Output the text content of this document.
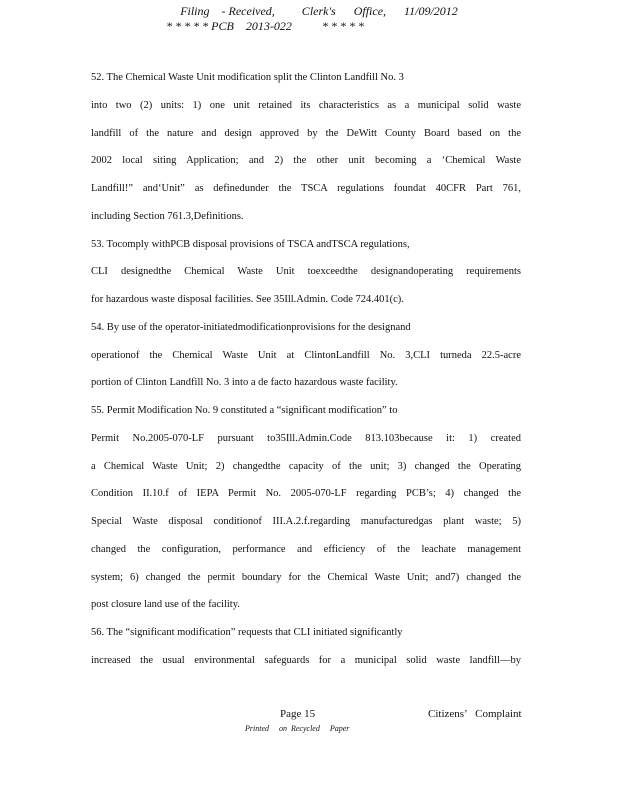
Filing    - Received,         Clerk's      Office,      11/09/2012
* * * * * PCB    2013-022          * * * * *
52. The Chemical Waste Unit modification split the Clinton Landfill No. 3
into two (2) units: 1) one unit retained its characteristics as a municipal solid waste
landfill of the nature and design approved by the DeWitt County Board based on the
2002 local siting Application; and 2) the other unit becoming a ‘Chemical Waste
Landfill!” and‘Unit” as definedunder the TSCA regulations foundat 40CFR Part 761,
including Section 761.3,Definitions.
53. Tocomply withPCB disposal provisions of TSCA andTSCA regulations,
CLI designedthe Chemical Waste Unit toexceedthe designandoperating requirements
for hazardous waste disposal facilities. See 35Ill.Admin. Code 724.401(c).
54. By use of the operator-initiatedmodificationprovisions for the designand
operationof the Chemical Waste Unit at ClintonLandfill No. 3,CLI turneda 22.5-acre
portion of Clinton Landfill No. 3 into a de facto hazardous waste facility.
55. Permit Modification No. 9 constituted a “significant modification” to
Permit No.2005-070-LF pursuant to35Ill.Admin.Code 813.103because it: 1) created
a Chemical Waste Unit; 2) changedthe capacity of the unit; 3) changed the Operating
Condition II.10.f of IEPA Permit No. 2005-070-LF regarding PCB’s; 4) changed the
Special Waste disposal conditionof III.A.2.f.regarding manufacturedgas plant waste; 5)
changed the configuration, performance and efficiency of the leachate management
system; 6) changed the permit boundary for the Chemical Waste Unit; and7) changed the
post closure land use of the facility.
56. The “significant modification” requests that CLI initiated significantly
increased the usual environmental safeguards for a municipal solid waste landfill—by
Page 15	Citizens’   Complaint
Printed     on  Recycled     Paper
